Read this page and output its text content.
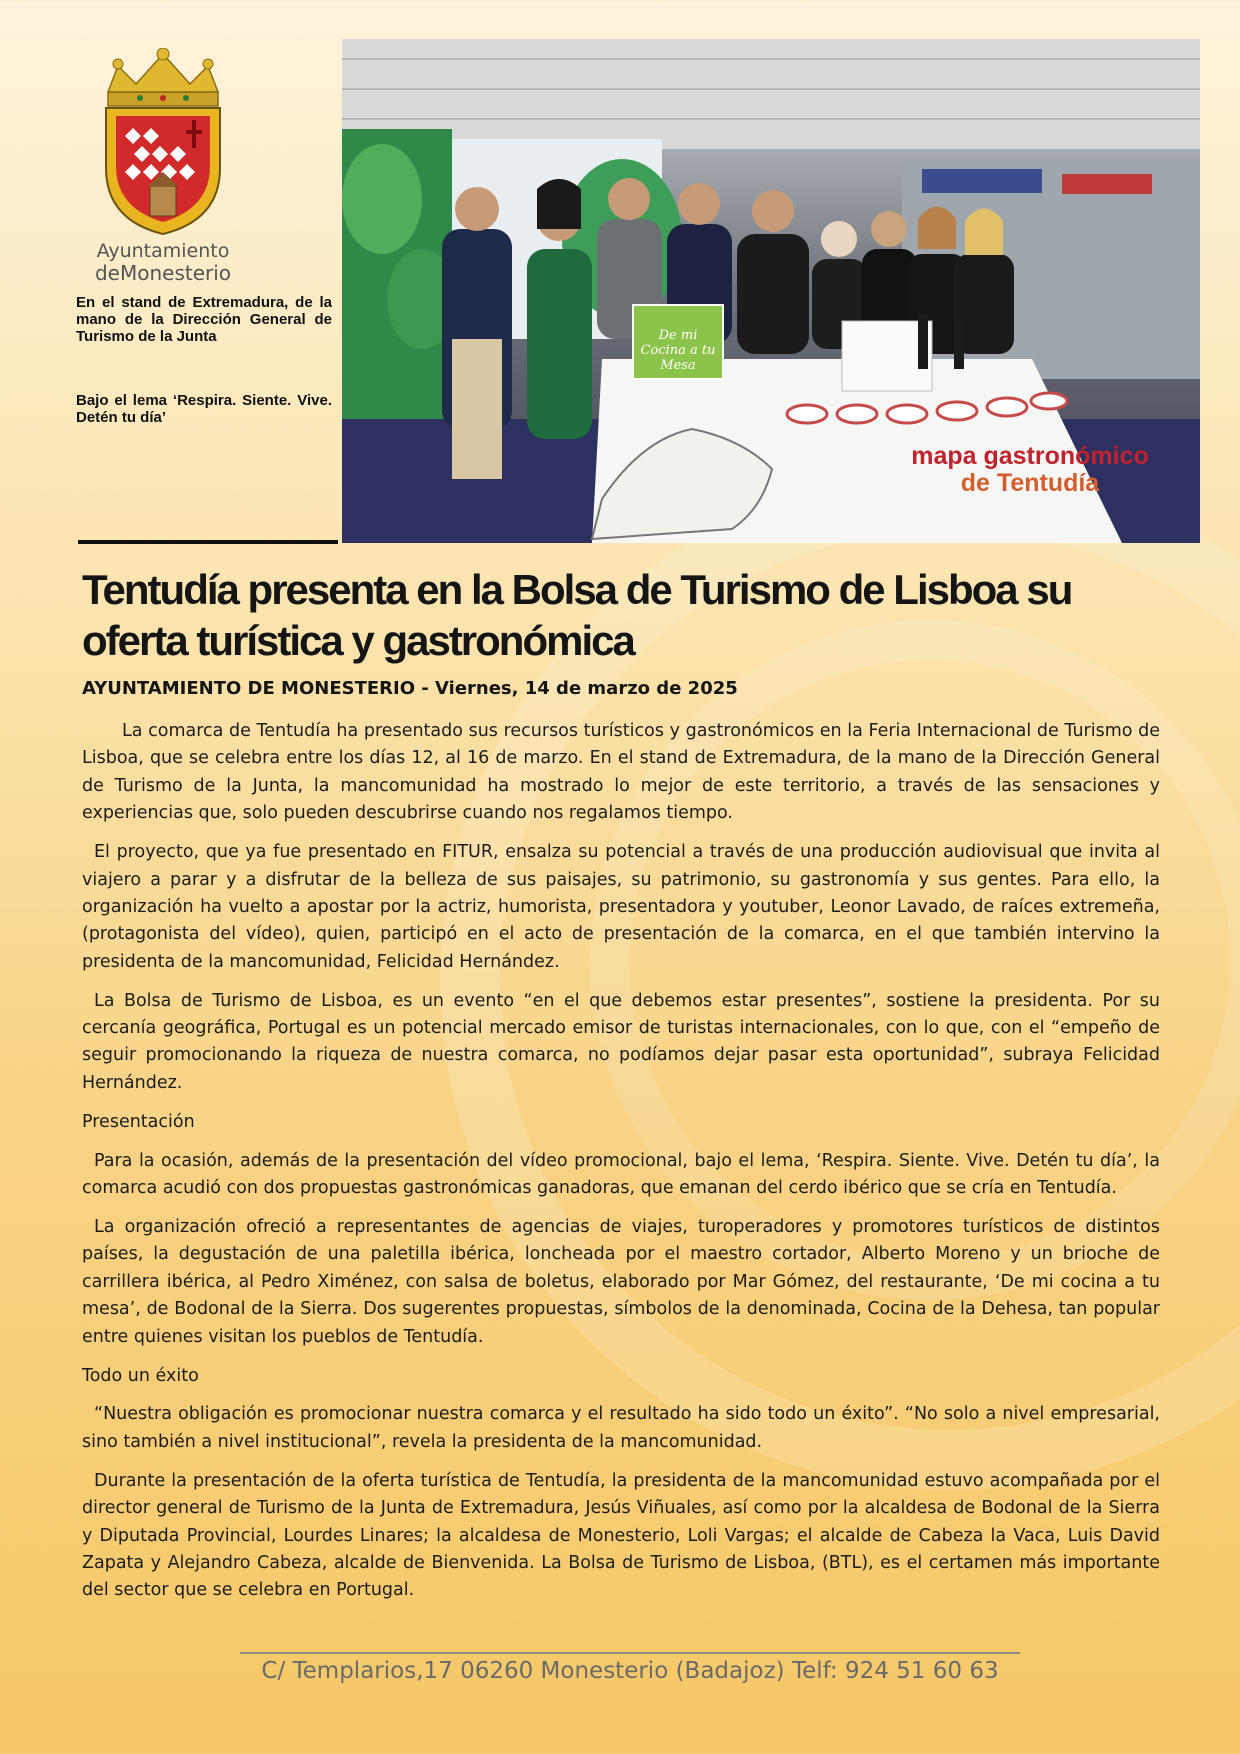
Ayuntamiento
deMonesterio
En el stand de Extremadura, de la mano de la Dirección General de Turismo de la Junta
Bajo el lema ‘Respira. Siente. Vive. Detén tu día’
De mi Cocina a tu Mesa
mapa gastronómico
de Tentudía
Tentudía presenta en la Bolsa de Turismo de Lisboa su oferta turística y gastronómica
AYUNTAMIENTO DE MONESTERIO - Viernes, 14 de marzo de 2025

La comarca de Tentudía ha presentado sus recursos turísticos y gastronómicos en la Feria Internacional de Turismo de Lisboa, que se celebra entre los días 12, al 16 de marzo. En el stand de Extremadura, de la mano de la Dirección General de Turismo de la Junta, la mancomunidad ha mostrado lo mejor de este territorio, a través de las sensaciones y experiencias que, solo pueden descubrirse cuando nos regalamos tiempo.

El proyecto, que ya fue presentado en FITUR, ensalza su potencial a través de una producción audiovisual que invita al viajero a parar y a disfrutar de la belleza de sus paisajes, su patrimonio, su gastronomía y sus gentes. Para ello, la organización ha vuelto a apostar por la actriz, humorista, presentadora y youtuber, Leonor Lavado, de raíces extremeña, (protagonista del vídeo), quien, participó en el acto de presentación de la comarca, en el que también intervino la presidenta de la mancomunidad, Felicidad Hernández.

La Bolsa de Turismo de Lisboa, es un evento “en el que debemos estar presentes”, sostiene la presidenta. Por su cercanía geográfica, Portugal es un potencial mercado emisor de turistas internacionales, con lo que, con el “empeño de seguir promocionando la riqueza de nuestra comarca, no podíamos dejar pasar esta oportunidad”, subraya Felicidad Hernández.

Presentación

Para la ocasión, además de la presentación del vídeo promocional, bajo el lema, ‘Respira. Siente. Vive. Detén tu día’, la comarca acudió con dos propuestas gastronómicas ganadoras, que emanan del cerdo ibérico que se cría en Tentudía.

La organización ofreció a representantes de agencias de viajes, turoperadores y promotores turísticos de distintos países, la degustación de una paletilla ibérica, loncheada por el maestro cortador, Alberto Moreno y un brioche de carrillera ibérica, al Pedro Ximénez, con salsa de boletus, elaborado por Mar Gómez, del restaurante, ‘De mi cocina a tu mesa’, de Bodonal de la Sierra. Dos sugerentes propuestas, símbolos de la denominada, Cocina de la Dehesa, tan popular entre quienes visitan los pueblos de Tentudía.

Todo un éxito

“Nuestra obligación es promocionar nuestra comarca y el resultado ha sido todo un éxito”. “No solo a nivel empresarial, sino también a nivel institucional”, revela la presidenta de la mancomunidad.

Durante la presentación de la oferta turística de Tentudía, la presidenta de la mancomunidad estuvo acompañada por el director general de Turismo de la Junta de Extremadura, Jesús Viñuales, así como por la alcaldesa de Bodonal de la Sierra y Diputada Provincial, Lourdes Linares; la alcaldesa de Monesterio, Loli Vargas; el alcalde de Cabeza la Vaca, Luis David Zapata y Alejandro Cabeza, alcalde de Bienvenida. La Bolsa de Turismo de Lisboa, (BTL), es el certamen más importante del sector que se celebra en Portugal.

C/ Templarios,17 06260 Monesterio (Badajoz) Telf: 924 51 60 63
